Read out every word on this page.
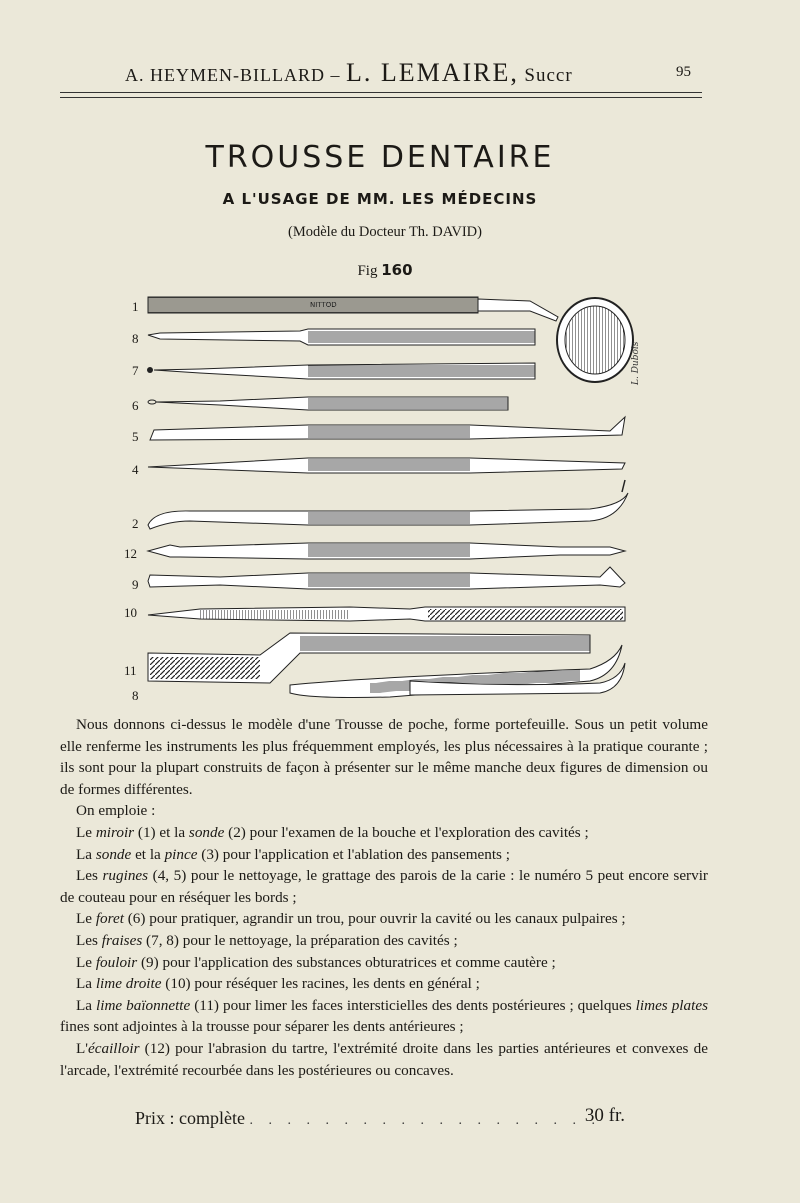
A. HEYMEN-BILLARD – L. LEMAIRE, Succr	95
TROUSSE DENTAIRE
A L'USAGE DE MM. LES MÉDECINS
(Modèle du Docteur Th. DAVID)
Fig 160
NITTOD
L. Dubois
1
8
7
6
5
4
2
12
9
10
11
8

Nous donnons ci-dessus le modèle d'une Trousse de poche, forme portefeuille. Sous un petit volume elle renferme les instruments les plus fréquemment employés, les plus nécessaires à la pratique courante ; ils sont pour la plupart construits de façon à présenter sur le même manche deux figures de dimension ou de formes différentes.

On emploie :

Le miroir (1) et la sonde (2) pour l'examen de la bouche et l'exploration des cavités ;

La sonde et la pince (3) pour l'application et l'ablation des pansements ;

Les rugines (4, 5) pour le nettoyage, le grattage des parois de la carie : le numéro 5 peut encore servir de couteau pour en réséquer les bords ;

Le foret (6) pour pratiquer, agrandir un trou, pour ouvrir la cavité ou les canaux pulpaires ;

Les fraises (7, 8) pour le nettoyage, la préparation des cavités ;

Le fouloir (9) pour l'application des substances obturatrices et comme cautère ;

La lime droite (10) pour réséquer les racines, les dents en général ;

La lime baïonnette (11) pour limer les faces intersticielles des dents postérieures ; quelques limes plates fines sont adjointes à la trousse pour séparer les dents antérieures ;

L'écailloir (12) pour l'abrasion du tartre, l'extrémité droite dans les parties antérieures et convexes de l'arcade, l'extrémité recourbée dans les postérieures ou concaves.

Prix : complète . . . . . . . . . . . . . . . . . . .
30 fr.
